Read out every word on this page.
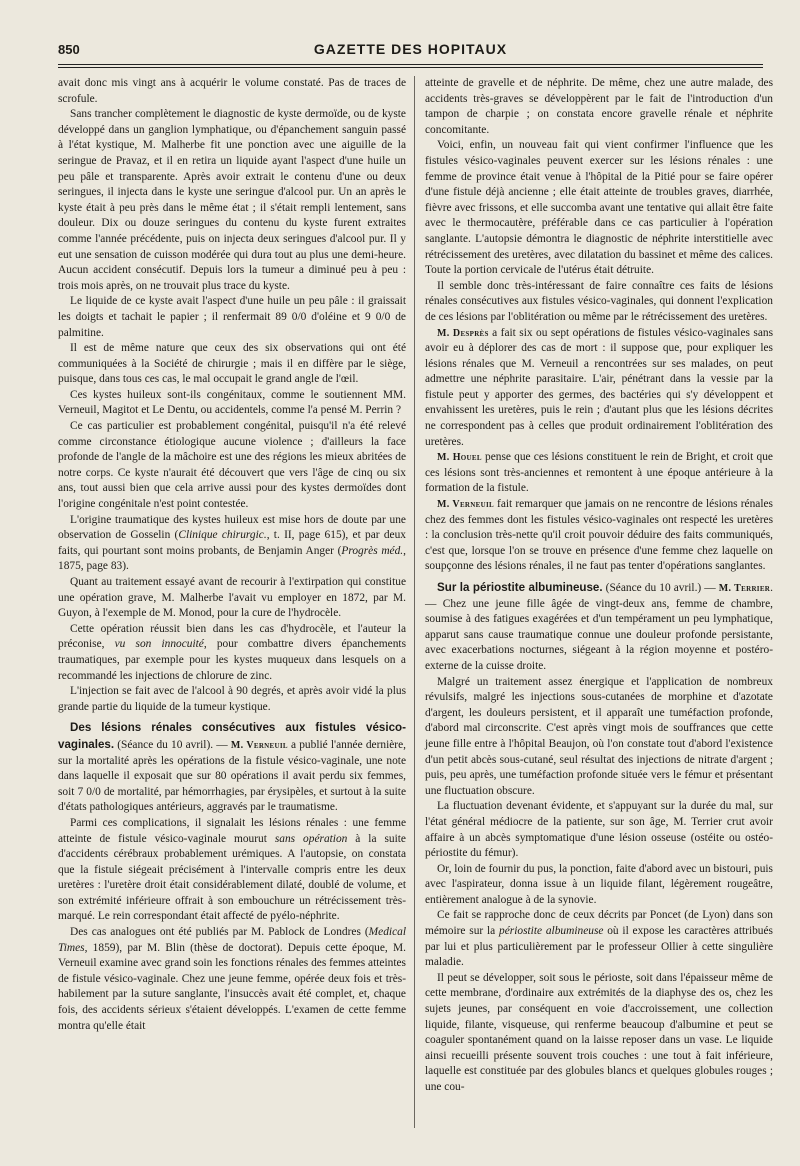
850	GAZETTE DES HOPITAUX

avait donc mis vingt ans à acquérir le volume constaté. Pas de traces de scrofule.

Sans trancher complètement le diagnostic de kyste dermoïde, ou de kyste développé dans un ganglion lymphatique, ou d'épanchement sanguin passé à l'état kystique, M. Malherbe fit une ponction avec une aiguille de la seringue de Pravaz, et il en retira un liquide ayant l'aspect d'une huile un peu pâle et transparente. Après avoir extrait le contenu d'une ou deux seringues, il injecta dans le kyste une seringue d'alcool pur. Un an après le kyste était à peu près dans le même état ; il s'était rempli lentement, sans douleur. Dix ou douze seringues du contenu du kyste furent extraites comme l'année précédente, puis on injecta deux seringues d'alcool pur. Il y eut une sensation de cuisson modérée qui dura tout au plus une demi-heure. Aucun accident consécutif. Depuis lors la tumeur a diminué peu à peu : trois mois après, on ne trouvait plus trace du kyste.

Le liquide de ce kyste avait l'aspect d'une huile un peu pâle : il graissait les doigts et tachait le papier ; il renfermait 89 0/0 d'oléine et 9 0/0 de palmitine.

Il est de même nature que ceux des six observations qui ont été communiquées à la Société de chirurgie ; mais il en diffère par le siège, puisque, dans tous ces cas, le mal occupait le grand angle de l'œil.

Ces kystes huileux sont-ils congénitaux, comme le soutiennent MM. Verneuil, Magitot et Le Dentu, ou accidentels, comme l'a pensé M. Perrin ?

Ce cas particulier est probablement congénital, puisqu'il n'a été relevé comme circonstance étiologique aucune violence ; d'ailleurs la face profonde de l'angle de la mâchoire est une des régions les mieux abritées de notre corps. Ce kyste n'aurait été découvert que vers l'âge de cinq ou six ans, tout aussi bien que cela arrive aussi pour des kystes dermoïdes dont l'origine congénitale n'est point contestée.

L'origine traumatique des kystes huileux est mise hors de doute par une observation de Gosselin (Clinique chirurgic., t. II, page 615), et par deux faits, qui pourtant sont moins probants, de Benjamin Anger (Progrès méd., 1875, page 83).

Quant au traitement essayé avant de recourir à l'extirpation qui constitue une opération grave, M. Malherbe l'avait vu employer en 1872, par M. Guyon, à l'exemple de M. Monod, pour la cure de l'hydrocèle.

Cette opération réussit bien dans les cas d'hydrocèle, et l'auteur la préconise, vu son innocuité, pour combattre divers épanchements traumatiques, par exemple pour les kystes muqueux dans lesquels on a recommandé les injections de chlorure de zinc.

L'injection se fait avec de l'alcool à 90 degrés, et après avoir vidé la plus grande partie du liquide de la tumeur kystique.

Des lésions rénales consécutives aux fistules vésico-vaginales. (Séance du 10 avril). — M. Verneuil a publié l'année dernière, sur la mortalité après les opérations de la fistule vésico-vaginale, une note dans laquelle il exposait que sur 80 opérations il avait perdu six femmes, soit 7 0/0 de mortalité, par hémorrhagies, par érysipèles, et surtout à la suite d'états pathologiques antérieurs, aggravés par le traumatisme.

Parmi ces complications, il signalait les lésions rénales : une femme atteinte de fistule vésico-vaginale mourut sans opération à la suite d'accidents cérébraux probablement urémiques. A l'autopsie, on constata que la fistule siégeait précisément à l'intervalle compris entre les deux uretères : l'uretère droit était considérablement dilaté, doublé de volume, et son extrémité inférieure offrait à son embouchure un rétrécissement très-marqué. Le rein correspondant était affecté de pyélo-néphrite.

Des cas analogues ont été publiés par M. Pablock de Londres (Medical Times, 1859), par M. Blin (thèse de doctorat). Depuis cette époque, M. Verneuil examine avec grand soin les fonctions rénales des femmes atteintes de fistule vésico-vaginale. Chez une jeune femme, opérée deux fois et très-habilement par la suture sanglante, l'insuccès avait été complet, et, chaque fois, des accidents sérieux s'étaient développés. L'examen de cette femme montra qu'elle était

atteinte de gravelle et de néphrite. De même, chez une autre malade, des accidents très-graves se développèrent par le fait de l'introduction d'un tampon de charpie ; on constata encore gravelle rénale et néphrite concomitante.

Voici, enfin, un nouveau fait qui vient confirmer l'influence que les fistules vésico-vaginales peuvent exercer sur les lésions rénales : une femme de province était venue à l'hôpital de la Pitié pour se faire opérer d'une fistule déjà ancienne ; elle était atteinte de troubles graves, diarrhée, fièvre avec frissons, et elle succomba avant une tentative qui allait être faite avec le thermocautère, préférable dans ce cas particulier à l'opération sanglante. L'autopsie démontra le diagnostic de néphrite interstitielle avec rétrécissement des uretères, avec dilatation du bassinet et même des calices. Toute la portion cervicale de l'utérus était détruite.

Il semble donc très-intéressant de faire connaître ces faits de lésions rénales consécutives aux fistules vésico-vaginales, qui donnent l'explication de ces lésions par l'oblitération ou même par le rétrécissement des uretères.

M. Desprès a fait six ou sept opérations de fistules vésico-vaginales sans avoir eu à déplorer des cas de mort : il suppose que, pour expliquer les lésions rénales que M. Verneuil a rencontrées sur ses malades, on peut admettre une néphrite parasitaire. L'air, pénétrant dans la vessie par la fistule peut y apporter des germes, des bactéries qui s'y développent et envahissent les uretères, puis le rein ; d'autant plus que les lésions décrites ne correspondent pas à celles que produit ordinairement l'oblitération des uretères.

M. Houel pense que ces lésions constituent le rein de Bright, et croit que ces lésions sont très-anciennes et remontent à une époque antérieure à la formation de la fistule.

M. Verneuil fait remarquer que jamais on ne rencontre de lésions rénales chez des femmes dont les fistules vésico-vaginales ont respecté les uretères : la conclusion très-nette qu'il croit pouvoir déduire des faits communiqués, c'est que, lorsque l'on se trouve en présence d'une femme chez laquelle on soupçonne des lésions rénales, il ne faut pas tenter d'opérations sanglantes.

Sur la périostite albumineuse. (Séance du 10 avril.) — M. Terrier. — Chez une jeune fille âgée de vingt-deux ans, femme de chambre, soumise à des fatigues exagérées et d'un tempérament un peu lymphatique, apparut sans cause traumatique connue une douleur profonde persistante, avec exacerbations nocturnes, siégeant à la région moyenne et postéro-externe de la cuisse droite.

Malgré un traitement assez énergique et l'application de nombreux révulsifs, malgré les injections sous-cutanées de morphine et d'azotate d'argent, les douleurs persistent, et il apparaît une tuméfaction profonde, d'abord mal circonscrite. C'est après vingt mois de souffrances que cette jeune fille entre à l'hôpital Beaujon, où l'on constate tout d'abord l'existence d'un petit abcès sous-cutané, seul résultat des injections de nitrate d'argent ; puis, peu après, une tuméfaction profonde située vers le fémur et présentant une fluctuation obscure.

La fluctuation devenant évidente, et s'appuyant sur la durée du mal, sur l'état général médiocre de la patiente, sur son âge, M. Terrier crut avoir affaire à un abcès symptomatique d'une lésion osseuse (ostéite ou ostéo-périostite du fémur).

Or, loin de fournir du pus, la ponction, faite d'abord avec un bistouri, puis avec l'aspirateur, donna issue à un liquide filant, légèrement rougeâtre, entièrement analogue à de la synovie.

Ce fait se rapproche donc de ceux décrits par Poncet (de Lyon) dans son mémoire sur la périostite albumineuse où il expose les caractères attribués par lui et plus particulièrement par le professeur Ollier à cette singulière maladie.

Il peut se développer, soit sous le périoste, soit dans l'épaisseur même de cette membrane, d'ordinaire aux extrémités de la diaphyse des os, chez les sujets jeunes, par conséquent en voie d'accroissement, une collection liquide, filante, visqueuse, qui renferme beaucoup d'albumine et peut se coaguler spontanément quand on la laisse reposer dans un vase. Le liquide ainsi recueilli présente souvent trois couches : une tout à fait inférieure, laquelle est constituée par des globules blancs et quelques globules rouges ; une cou-
